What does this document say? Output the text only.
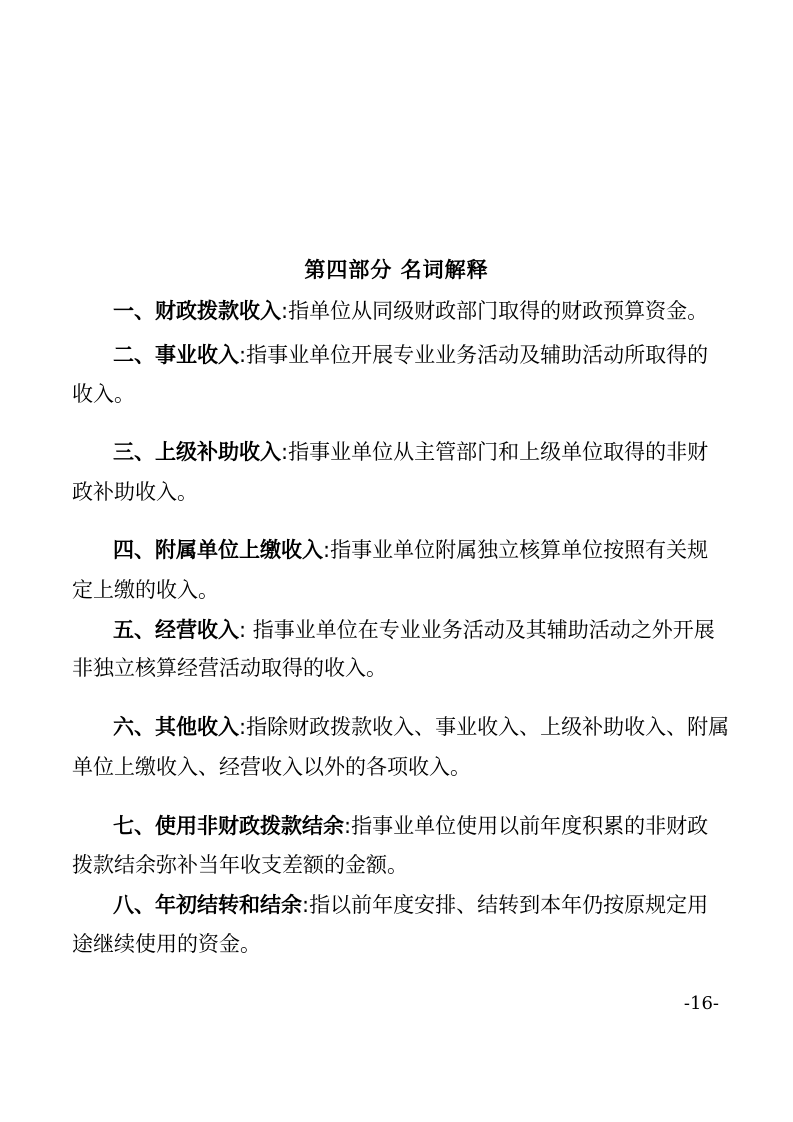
第四部分 名词解释

一、财政拨款收入:指单位从同级财政部门取得的财政预算资金。

二、事业收入:指事业单位开展专业业务活动及辅助活动所取得的

收入。

三、上级补助收入:指事业单位从主管部门和上级单位取得的非财

政补助收入。

四、附属单位上缴收入:指事业单位附属独立核算单位按照有关规

定上缴的收入。

五、经营收入: 指事业单位在专业业务活动及其辅助活动之外开展

非独立核算经营活动取得的收入。

六、其他收入:指除财政拨款收入、事业收入、上级补助收入、附属

单位上缴收入、经营收入以外的各项收入。

七、使用非财政拨款结余:指事业单位使用以前年度积累的非财政

拨款结余弥补当年收支差额的金额。

八、年初结转和结余:指以前年度安排、结转到本年仍按原规定用

途继续使用的资金。

-16-
